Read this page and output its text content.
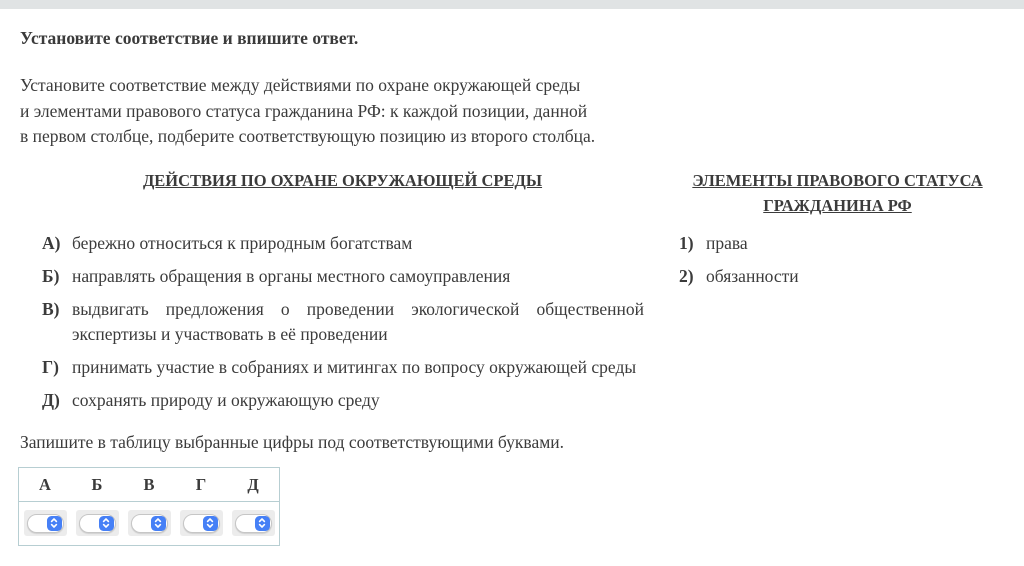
Установите соответствие и впишите ответ.
Установите соответствие между действиями по охране окружающей среды
и элементами правового статуса гражданина РФ: к каждой позиции, данной
в первом столбце, подберите соответствующую позицию из второго столбца.
ДЕЙСТВИЯ ПО ОХРАНЕ ОКРУЖАЮЩЕЙ СРЕДЫ	ЭЛЕМЕНТЫ ПРАВОВОГО СТАТУСА
ГРАЖДАНИНА РФ
А) бережно относиться к природным богатствам
Б) направлять обращения в органы местного самоуправления
В) выдвигать предложения о проведении экологической общественной экспертизы и участвовать в её проведении
Г) принимать участие в собраниях и митингах по вопросу окружающей среды
Д) сохранять природу и окружающую среду
1) права
2) обязанности
Запишите в таблицу выбранные цифры под соответствующими буквами.
А	Б	В	Г	Д
